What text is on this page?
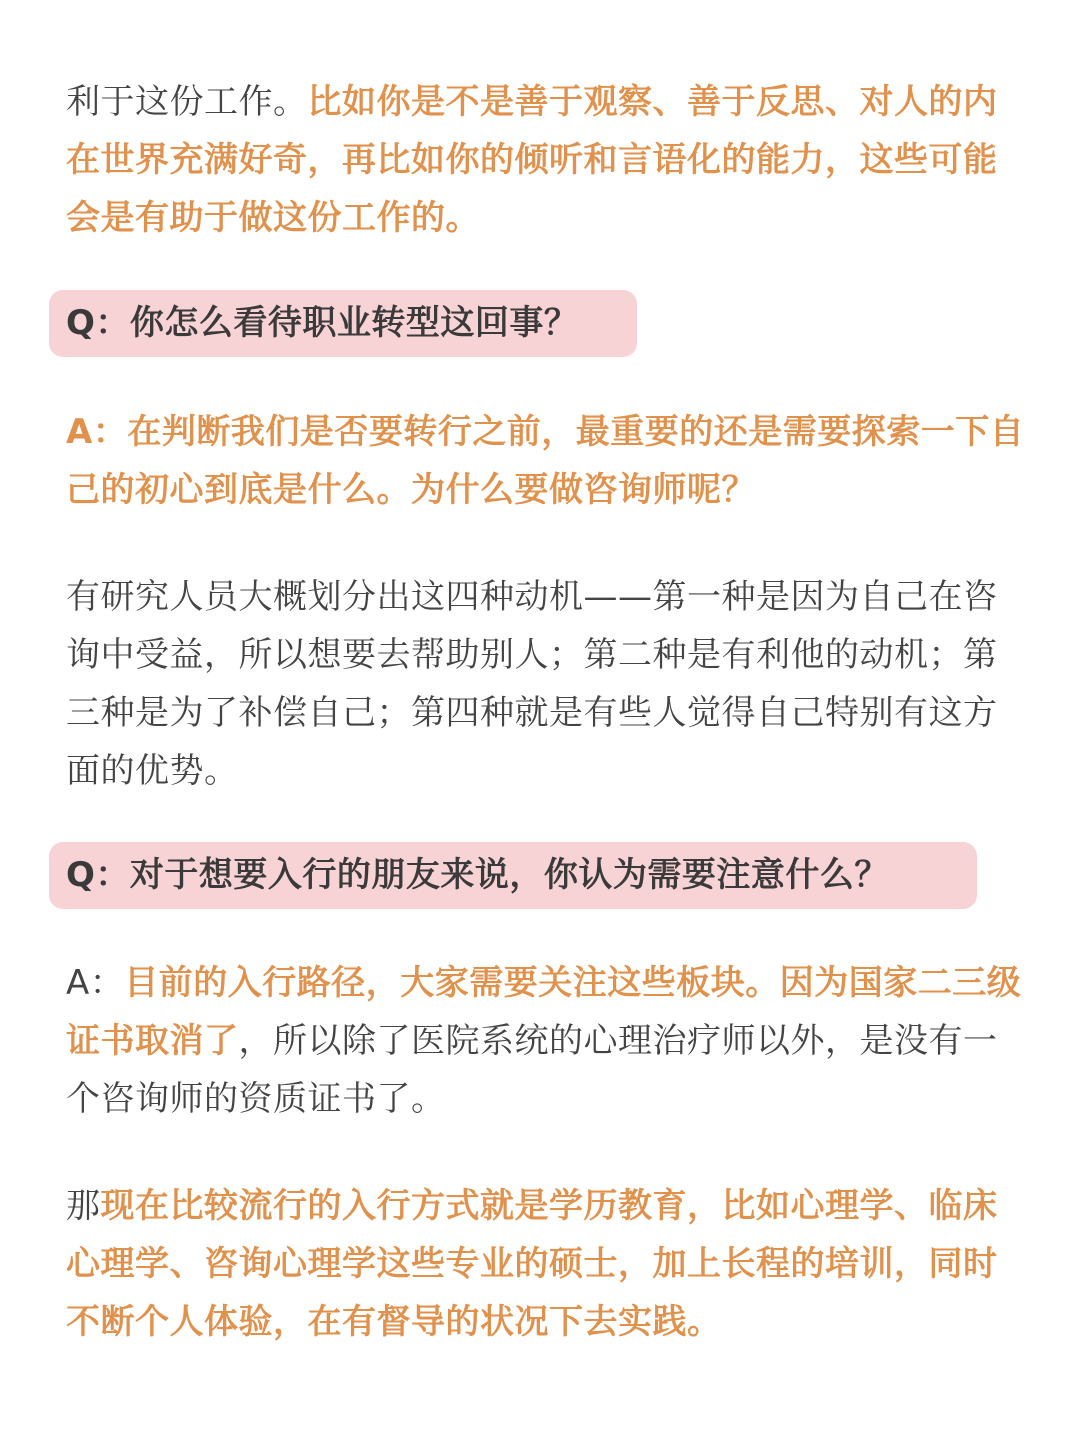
利于这份工作。比如你是不是善于观察、善于反思、对人的内在世界充满好奇，再比如你的倾听和言语化的能力，这些可能会是有助于做这份工作的。

Q：你怎么看待职业转型这回事？

A：在判断我们是否要转行之前，最重要的还是需要探索一下自己的初心到底是什么。为什么要做咨询师呢？

有研究人员大概划分出这四种动机——第一种是因为自己在咨询中受益，所以想要去帮助别人；第二种是有利他的动机；第三种是为了补偿自己；第四种就是有些人觉得自己特别有这方面的优势。

Q：对于想要入行的朋友来说，你认为需要注意什么？

A：目前的入行路径，大家需要关注这些板块。因为国家二三级证书取消了，所以除了医院系统的心理治疗师以外，是没有一个咨询师的资质证书了。

那现在比较流行的入行方式就是学历教育，比如心理学、临床心理学、咨询心理学这些专业的硕士，加上长程的培训，同时不断个人体验，在有督导的状况下去实践。
